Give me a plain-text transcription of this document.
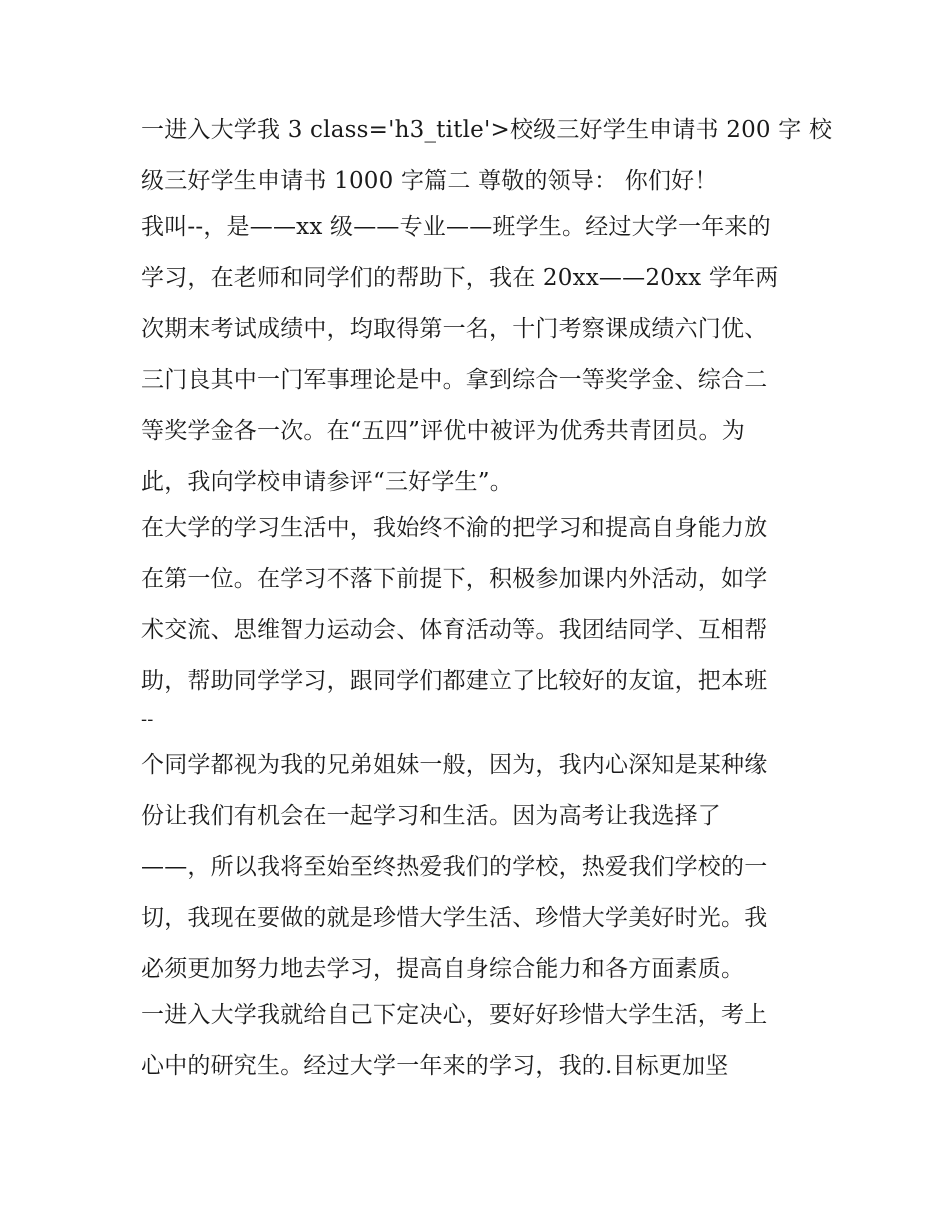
一进入大学我 3 class='h3_title'>校级三好学生申请书 200 字 校
级三好学生申请书 1000 字篇二 尊敬的领导： 你们好！
我叫--，是——xx 级——专业——班学生。经过大学一年来的
学习，在老师和同学们的帮助下，我在 20xx——20xx 学年两
次期末考试成绩中，均取得第一名，十门考察课成绩六门优、
三门良其中一门军事理论是中。拿到综合一等奖学金、综合二
等奖学金各一次。在“五四”评优中被评为优秀共青团员。为
此，我向学校申请参评“三好学生”。
在大学的学习生活中，我始终不渝的把学习和提高自身能力放
在第一位。在学习不落下前提下，积极参加课内外活动，如学
术交流、思维智力运动会、体育活动等。我团结同学、互相帮
助，帮助同学学习，跟同学们都建立了比较好的友谊，把本班
--
个同学都视为我的兄弟姐妹一般，因为，我内心深知是某种缘
份让我们有机会在一起学习和生活。因为高考让我选择了
——，所以我将至始至终热爱我们的学校，热爱我们学校的一
切，我现在要做的就是珍惜大学生活、珍惜大学美好时光。我
必须更加努力地去学习，提高自身综合能力和各方面素质。
一进入大学我就给自己下定决心，要好好珍惜大学生活，考上
心中的研究生。经过大学一年来的学习，我的.目标更加坚
